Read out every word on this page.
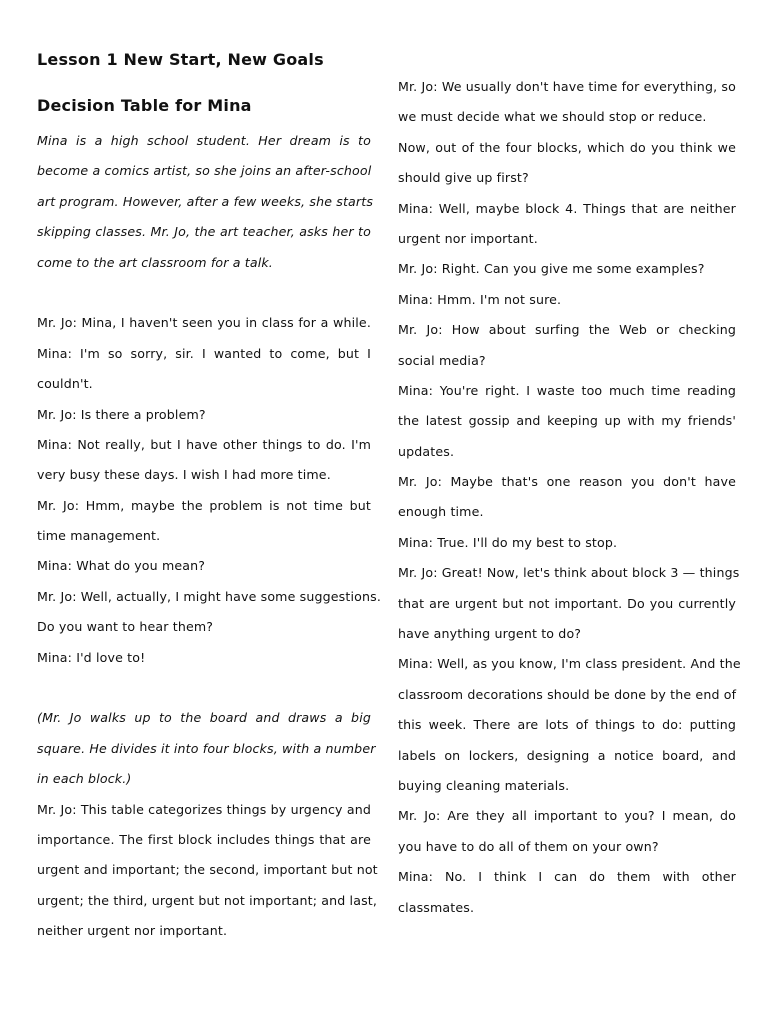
Lesson 1 New Start, New Goals
Decision Table for Mina
Mina is a high school student. Her dream is to
become a comics artist, so she joins an after-school
art program. However, after a few weeks, she starts
skipping classes. Mr. Jo, the art teacher, asks her to
come to the art classroom for a talk.
Mr. Jo: Mina, I haven't seen you in class for a while.
Mina: I'm so sorry, sir. I wanted to come, but I
couldn't.
Mr. Jo: Is there a problem?
Mina: Not really, but I have other things to do. I'm
very busy these days. I wish I had more time.
Mr. Jo: Hmm, maybe the problem is not time but
time management.
Mina: What do you mean?
Mr. Jo: Well, actually, I might have some suggestions.
Do you want to hear them?
Mina: I'd love to!
(Mr. Jo walks up to the board and draws a big
square. He divides it into four blocks, with a number
in each block.)
Mr. Jo: This table categorizes things by urgency and
importance. The first block includes things that are
urgent and important; the second, important but not
urgent; the third, urgent but not important; and last,
neither urgent nor important.
Mr. Jo: We usually don't have time for everything, so
we must decide what we should stop or reduce.
Now, out of the four blocks, which do you think we
should give up first?
Mina: Well, maybe block 4. Things that are neither
urgent nor important.
Mr. Jo: Right. Can you give me some examples?
Mina: Hmm. I'm not sure.
Mr. Jo: How about surfing the Web or checking
social media?
Mina: You're right. I waste too much time reading
the latest gossip and keeping up with my friends'
updates.
Mr. Jo: Maybe that's one reason you don't have
enough time.
Mina: True. I'll do my best to stop.
Mr. Jo: Great! Now, let's think about block 3 — things
that are urgent but not important. Do you currently
have anything urgent to do?
Mina: Well, as you know, I'm class president. And the
classroom decorations should be done by the end of
this week. There are lots of things to do: putting
labels on lockers, designing a notice board, and
buying cleaning materials.
Mr. Jo: Are they all important to you? I mean, do
you have to do all of them on your own?
Mina: No. I think I can do them with other
classmates.
